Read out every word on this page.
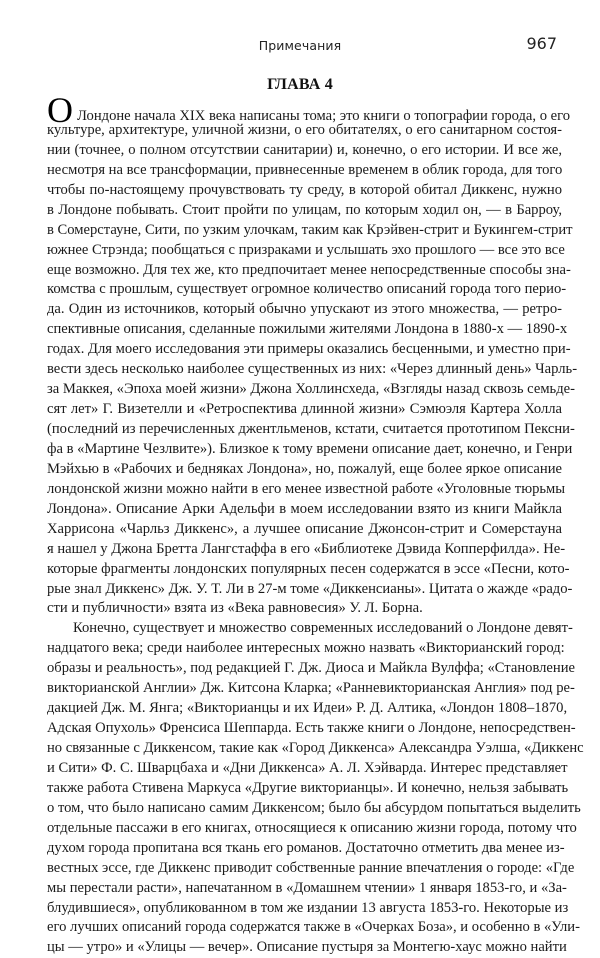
Примечания	967
ГЛАВА 4
О Лондоне начала XIX века написаны тома; это книги о топографии города, о его
культуре, архитектуре, уличной жизни, о его обитателях, о его санитарном состоя-
нии (точнее, о полном отсутствии санитарии) и, конечно, о его истории. И все же,
несмотря на все трансформации, привнесенные временем в облик города, для того
чтобы по-настоящему прочувствовать ту среду, в которой обитал Диккенс, нужно
в Лондоне побывать. Стоит пройти по улицам, по которым ходил он, — в Барроу,
в Сомерстауне, Сити, по узким улочкам, таким как Крэйвен-стрит и Букингем-стрит
южнее Стрэнда; пообщаться с призраками и услышать эхо прошлого — все это все
еще возможно. Для тех же, кто предпочитает менее непосредственные способы зна-
комства с прошлым, существует огромное количество описаний города того перио-
да. Один из источников, который обычно упускают из этого множества, — ретро-
спективные описания, сделанные пожилыми жителями Лондона в 1880-х — 1890-х
годах. Для моего исследования эти примеры оказались бесценными, и уместно при-
вести здесь несколько наиболее существенных из них: «Через длинный день» Чарль-
за Маккея, «Эпоха моей жизни» Джона Холлинсхеда, «Взгляды назад сквозь семьде-
сят лет» Г. Визетелли и «Ретроспектива длинной жизни» Сэмюэля Картера Холла
(последний из перечисленных джентльменов, кстати, считается прототипом Пексни-
фа в «Мартине Чезлвите»). Близкое к тому времени описание дает, конечно, и Генри
Мэйхью в «Рабочих и бедняках Лондона», но, пожалуй, еще более яркое описание
лондонской жизни можно найти в его менее известной работе «Уголовные тюрьмы
Лондона». Описание Арки Адельфи в моем исследовании взято из книги Майкла
Харрисона «Чарльз Диккенс», а лучшее описание Джонсон-стрит и Сомерстауна
я нашел у Джона Бретта Лангстаффа в его «Библиотеке Дэвида Копперфилда». Не-
которые фрагменты лондонских популярных песен содержатся в эссе «Песни, кото-
рые знал Диккенс» Дж. У. Т. Ли в 27-м томе «Диккенсианы». Цитата о жажде «радо-
сти и публичности» взята из «Века равновесия» У. Л. Борна.
Конечно, существует и множество современных исследований о Лондоне девят-
надцатого века; среди наиболее интересных можно назвать «Викторианский город:
образы и реальность», под редакцией Г. Дж. Диоса и Майкла Вулффа; «Становление
викторианской Англии» Дж. Китсона Кларка; «Ранневикторианская Англия» под ре-
дакцией Дж. М. Янга; «Викторианцы и их Идеи» Р. Д. Алтика, «Лондон 1808–1870,
Адская Опухоль» Френсиса Шеппарда. Есть также книги о Лондоне, непосредствен-
но связанные с Диккенсом, такие как «Город Диккенса» Александра Уэлша, «Диккенс
и Сити» Ф. С. Шварцбаха и «Дни Диккенса» А. Л. Хэйварда. Интерес представляет
также работа Стивена Маркуса «Другие викторианцы». И конечно, нельзя забывать
о том, что было написано самим Диккенсом; было бы абсурдом попытаться выделить
отдельные пассажи в его книгах, относящиеся к описанию жизни города, потому что
духом города пропитана вся ткань его романов. Достаточно отметить два менее из-
вестных эссе, где Диккенс приводит собственные ранние впечатления о городе: «Где
мы перестали расти», напечатанном в «Домашнем чтении» 1 января 1853-го, и «За-
блудившиеся», опубликованном в том же издании 13 августа 1853-го. Некоторые из
его лучших описаний города содержатся также в «Очерках Боза», и особенно в «Ули-
цы — утро» и «Улицы — вечер». Описание пустыря за Монтегю-хаус можно найти
